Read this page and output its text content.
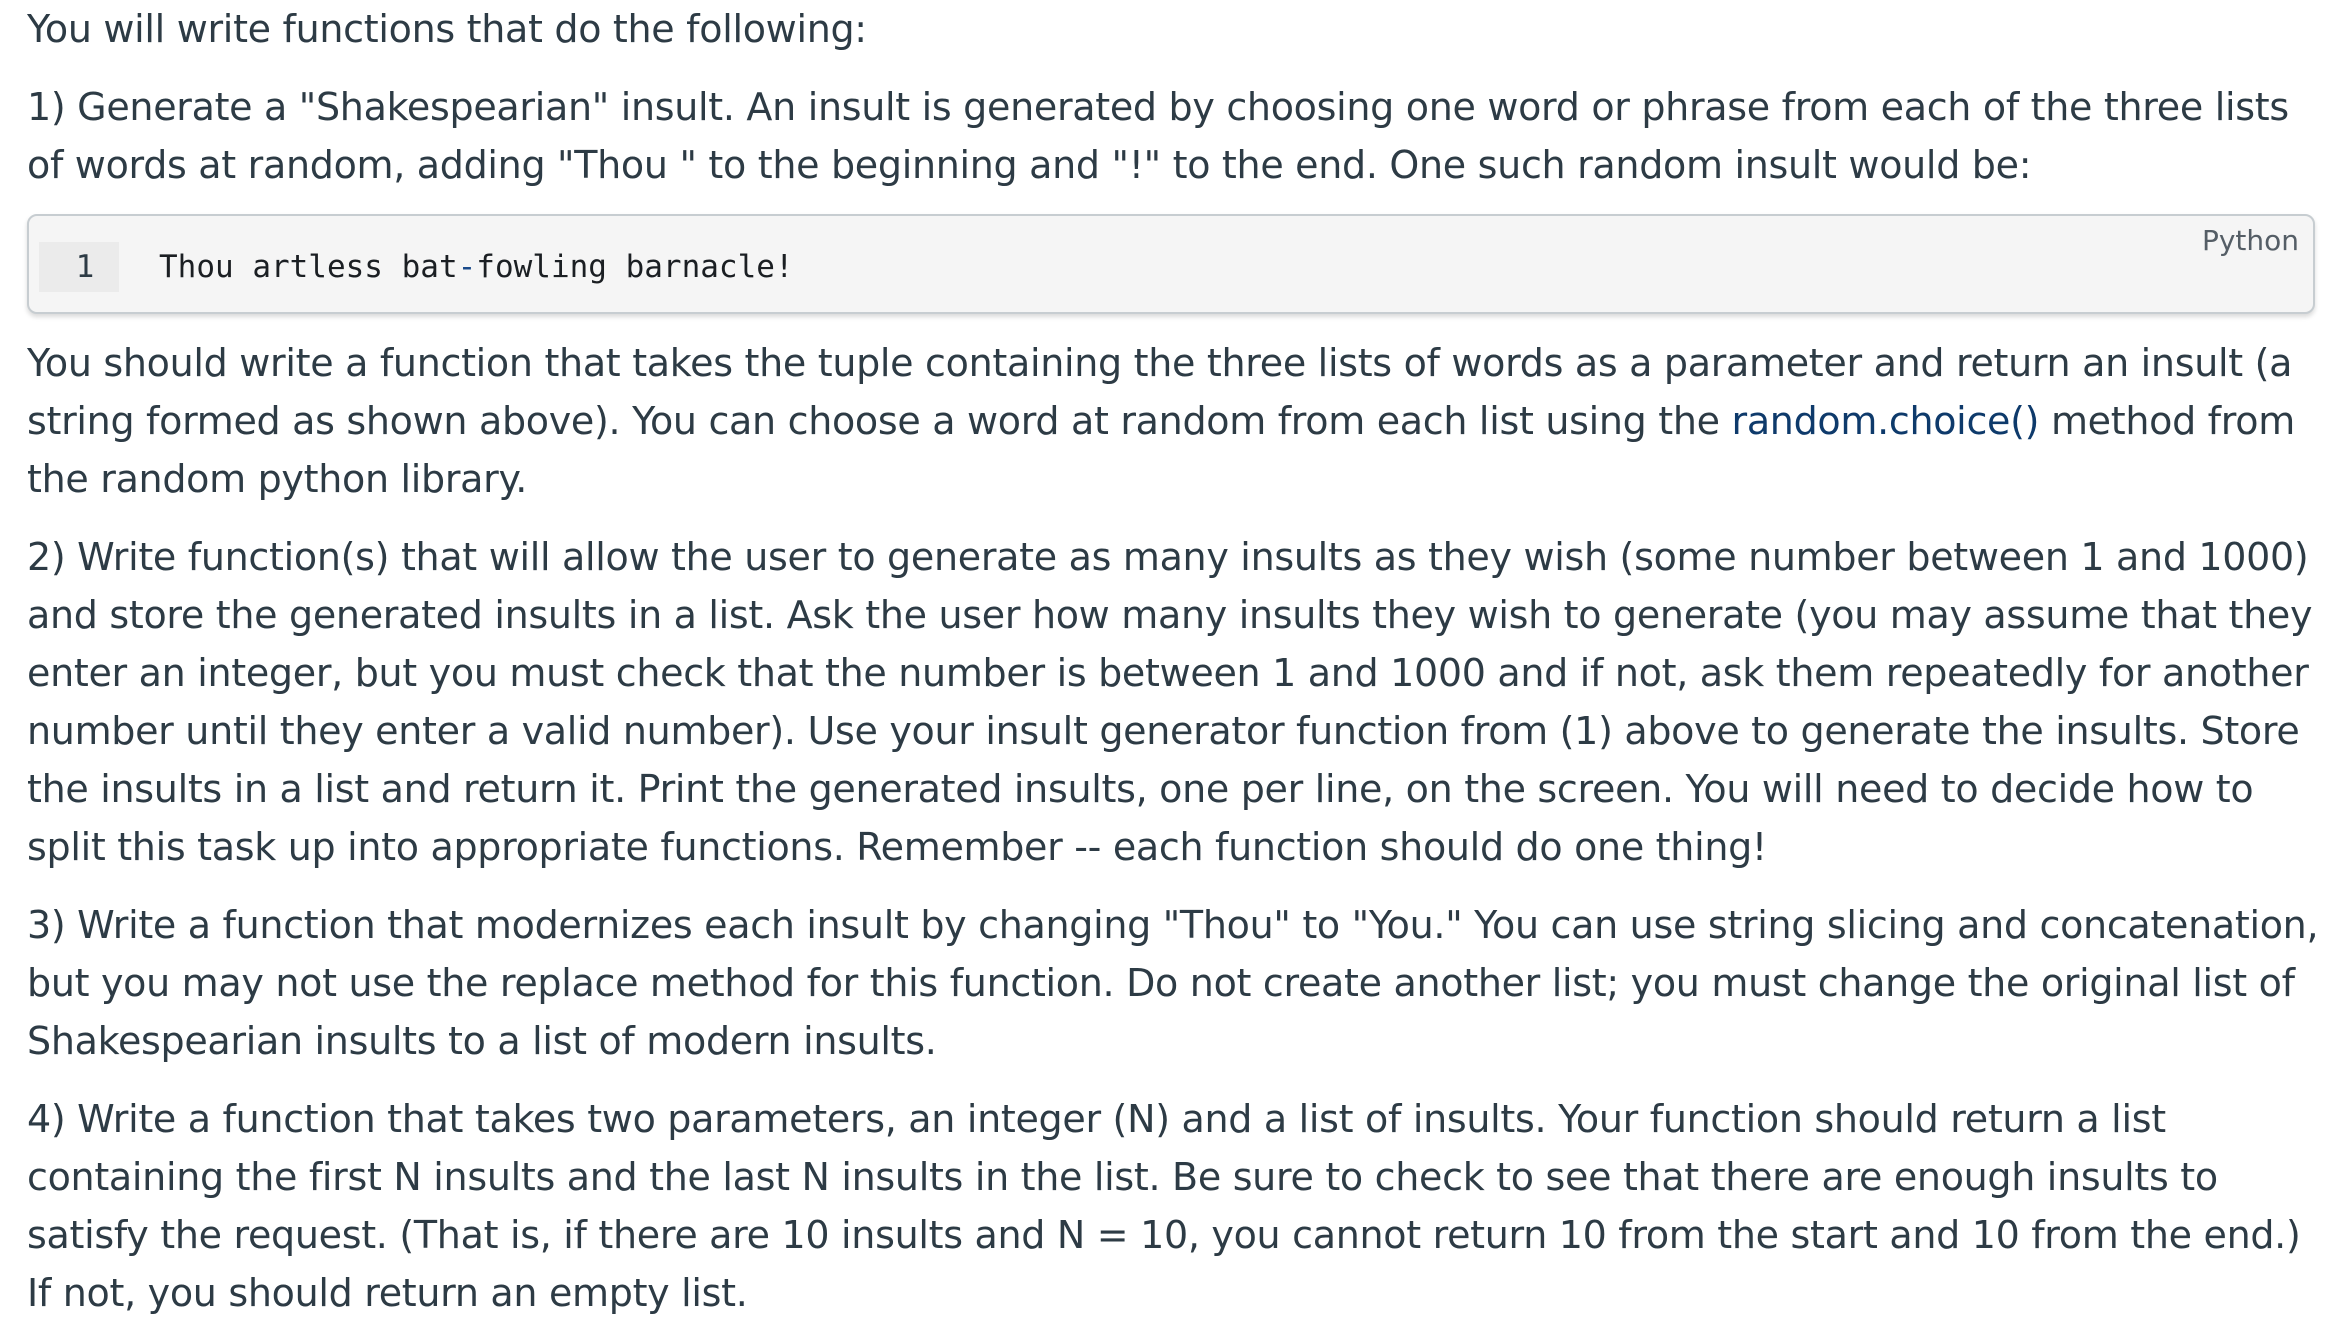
You will write functions that do the following:

1) Generate a "Shakespearian" insult. An insult is generated by choosing one word or phrase from each of the three lists of words at random, adding "Thou " to the beginning and "!" to the end. One such random insult would be:

Python
1	Thou artless bat-fowling barnacle!

You should write a function that takes the tuple containing the three lists of words as a parameter and return an insult (a string formed as shown above). You can choose a word at random from each list using the random.choice() method from the random python library.

2) Write function(s) that will allow the user to generate as many insults as they wish (some number between 1 and 1000) and store the generated insults in a list. Ask the user how many insults they wish to generate (you may assume that they enter an integer, but you must check that the number is between 1 and 1000 and if not, ask them repeatedly for another number until they enter a valid number). Use your insult generator function from (1) above to generate the insults. Store the insults in a list and return it. Print the generated insults, one per line, on the screen. You will need to decide how to split this task up into appropriate functions. Remember -- each function should do one thing!

3) Write a function that modernizes each insult by changing "Thou" to "You." You can use string slicing and concatenation, but you may not use the replace method for this function. Do not create another list; you must change the original list of Shakespearian insults to a list of modern insults.

4) Write a function that takes two parameters, an integer (N) and a list of insults. Your function should return a list containing the first N insults and the last N insults in the list. Be sure to check to see that there are enough insults to satisfy the request. (That is, if there are 10 insults and N = 10, you cannot return 10 from the start and 10 from the end.) If not, you should return an empty list.
